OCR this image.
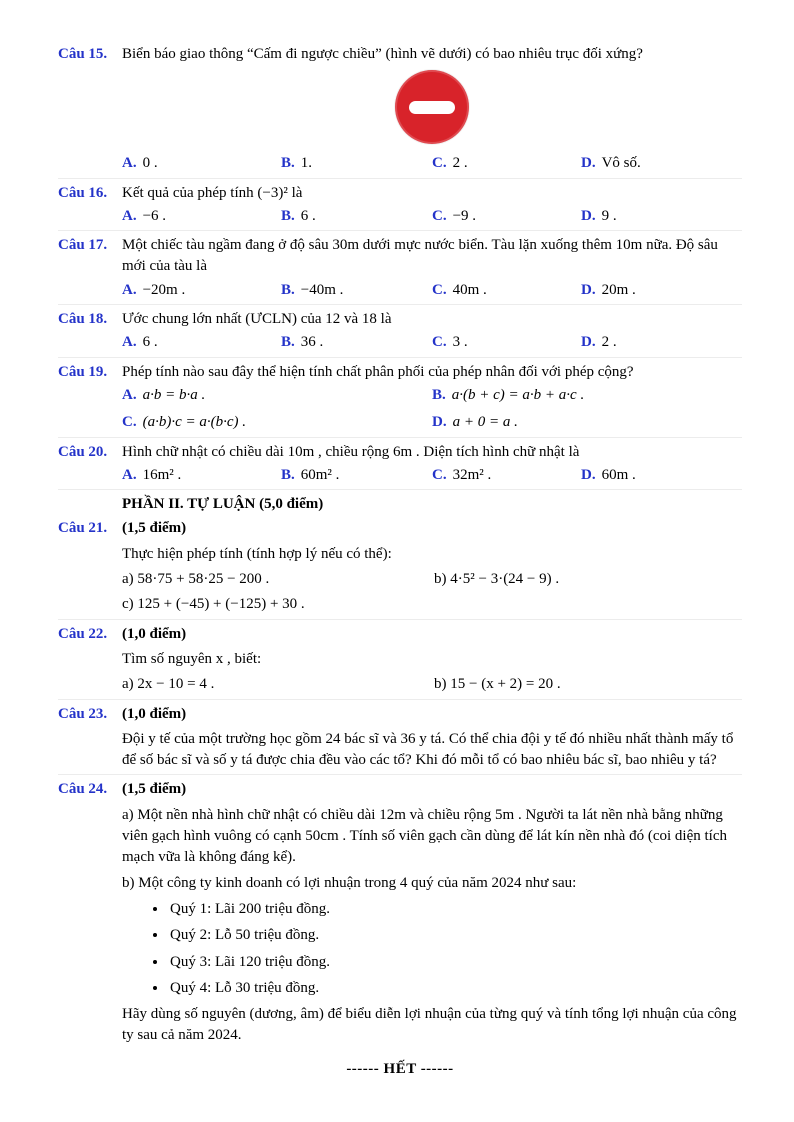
Câu 15. Biển báo giao thông “Cấm đi ngược chiều” (hình vẽ dưới) có bao nhiêu trục đối xứng?

A. 0 .	B. 1.	C. 2 .	D. Vô số.
Câu 16. Kết quả của phép tính (−3)² là

A. −6 .	B. 6 .	C. −9 .	D. 9 .
Câu 17. Một chiếc tàu ngầm đang ở độ sâu 30m dưới mực nước biển. Tàu lặn xuống thêm 10m nữa. Độ sâu mới của tàu là

A. −20m .	B. −40m .	C. 40m .	D. 20m .
Câu 18. Ước chung lớn nhất (ƯCLN) của 12 và 18 là

A. 6 .	B. 36 .	C. 3 .	D. 2 .
Câu 19. Phép tính nào sau đây thể hiện tính chất phân phối của phép nhân đối với phép cộng?

A. a·b = b·a .	B. a·(b + c) = a·b + a·c .
C. (a·b)·c = a·(b·c) .	D. a + 0 = a .
Câu 20. Hình chữ nhật có chiều dài 10m , chiều rộng 6m . Diện tích hình chữ nhật là

A. 16m² .	B. 60m² .	C. 32m² .	D. 60m .
PHẦN II. TỰ LUẬN (5,0 điểm)
Câu 21. (1,5 điểm)

Thực hiện phép tính (tính hợp lý nếu có thể):

a) 58·75 + 58·25 − 200 .	b) 4·5² − 3·(24 − 9) .

c) 125 + (−45) + (−125) + 30 .

Câu 22. (1,0 điểm)

Tìm số nguyên x , biết:

a) 2x − 10 = 4 .	b) 15 − (x + 2) = 20 .
Câu 23. (1,0 điểm)

Đội y tế của một trường học gồm 24 bác sĩ và 36 y tá. Có thể chia đội y tế đó nhiều nhất thành mấy tổ để số bác sĩ và số y tá được chia đều vào các tổ? Khi đó mỗi tổ có bao nhiêu bác sĩ, bao nhiêu y tá?

Câu 24. (1,5 điểm)

a) Một nền nhà hình chữ nhật có chiều dài 12m và chiều rộng 5m . Người ta lát nền nhà bằng những viên gạch hình vuông có cạnh 50cm . Tính số viên gạch cần dùng để lát kín nền nhà đó (coi diện tích mạch vữa là không đáng kể).

b) Một công ty kinh doanh có lợi nhuận trong 4 quý của năm 2024 như sau:

• Quý 1: Lãi 200 triệu đồng.
• Quý 2: Lỗ 50 triệu đồng.
• Quý 3: Lãi 120 triệu đồng.
• Quý 4: Lỗ 30 triệu đồng.

Hãy dùng số nguyên (dương, âm) để biểu diễn lợi nhuận của từng quý và tính tổng lợi nhuận của công ty sau cả năm 2024.

------ HẾT ------
